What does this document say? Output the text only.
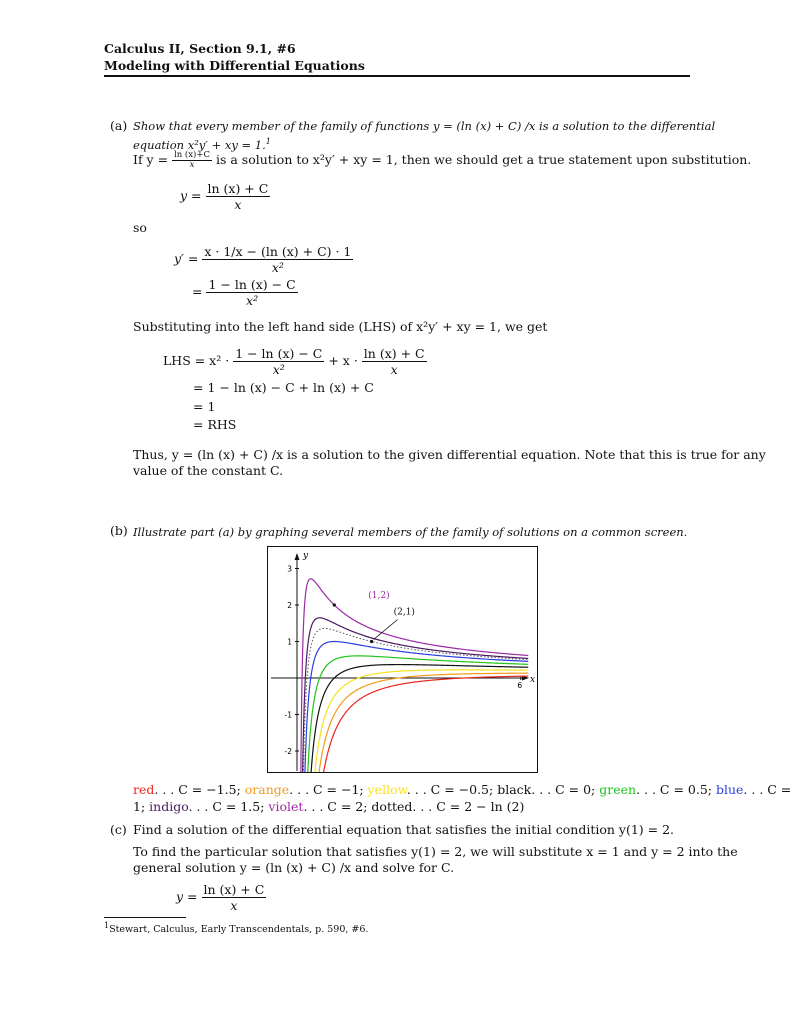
Calculus II, Section 9.1, #6
Modeling with Differential Equations
(a) Show that every member of the family of functions y = (ln (x) + C) /x is a solution to the differential
equation x²y′ + xy = 1.$^1$
If $y = \frac{\ln (x)+C}{x}$ is a solution to x²y′ + xy = 1, then we should get a true statement upon substitution.
$y = \frac{\ln (x) + C}{x}$
so
$y' = \frac{x \cdot 1/x - (\ln (x) + C) \cdot 1}{\text{x²}}$
= $\frac{1 - \ln (x) - C}{\text{x²}}$
Substituting into the left hand side (LHS) of x²y′ + xy = 1, we get
LHS = $x^2 \cdot \frac{1 - \ln (x) - C}{\text{x²}} + x \cdot \frac{\ln (x) + C}{x}$
= 1 − ln (x) − C + ln (x) + C
= 1
= RHS
Thus, y = (ln (x) + C) /x is a solution to the given differential equation. Note that this is true for any
value of the constant C.
(b) Illustrate part (a) by graphing several members of the family of solutions on a common screen.
y
x
3
2
1
-1
-2
6
(1,2)
(2,1)
red. . . C = −1.5; orange. . . C = −1; yellow. . . C = −0.5; black. . . C = 0; green. . . C = 0.5; blue. . . C =
1; indigo. . . C = 1.5; violet. . . C = 2; dotted. . . C = 2 − ln (2)
(c) Find a solution of the differential equation that satisfies the initial condition y(1) = 2.
To find the particular solution that satisfies y(1) = 2, we will substitute x = 1 and y = 2 into the
general solution y = (ln (x) + C) /x and solve for C.
$y = \frac{\ln (x) + C}{x}$
$^1$Stewart, Calculus, Early Transcendentals, p. 590, #6.
